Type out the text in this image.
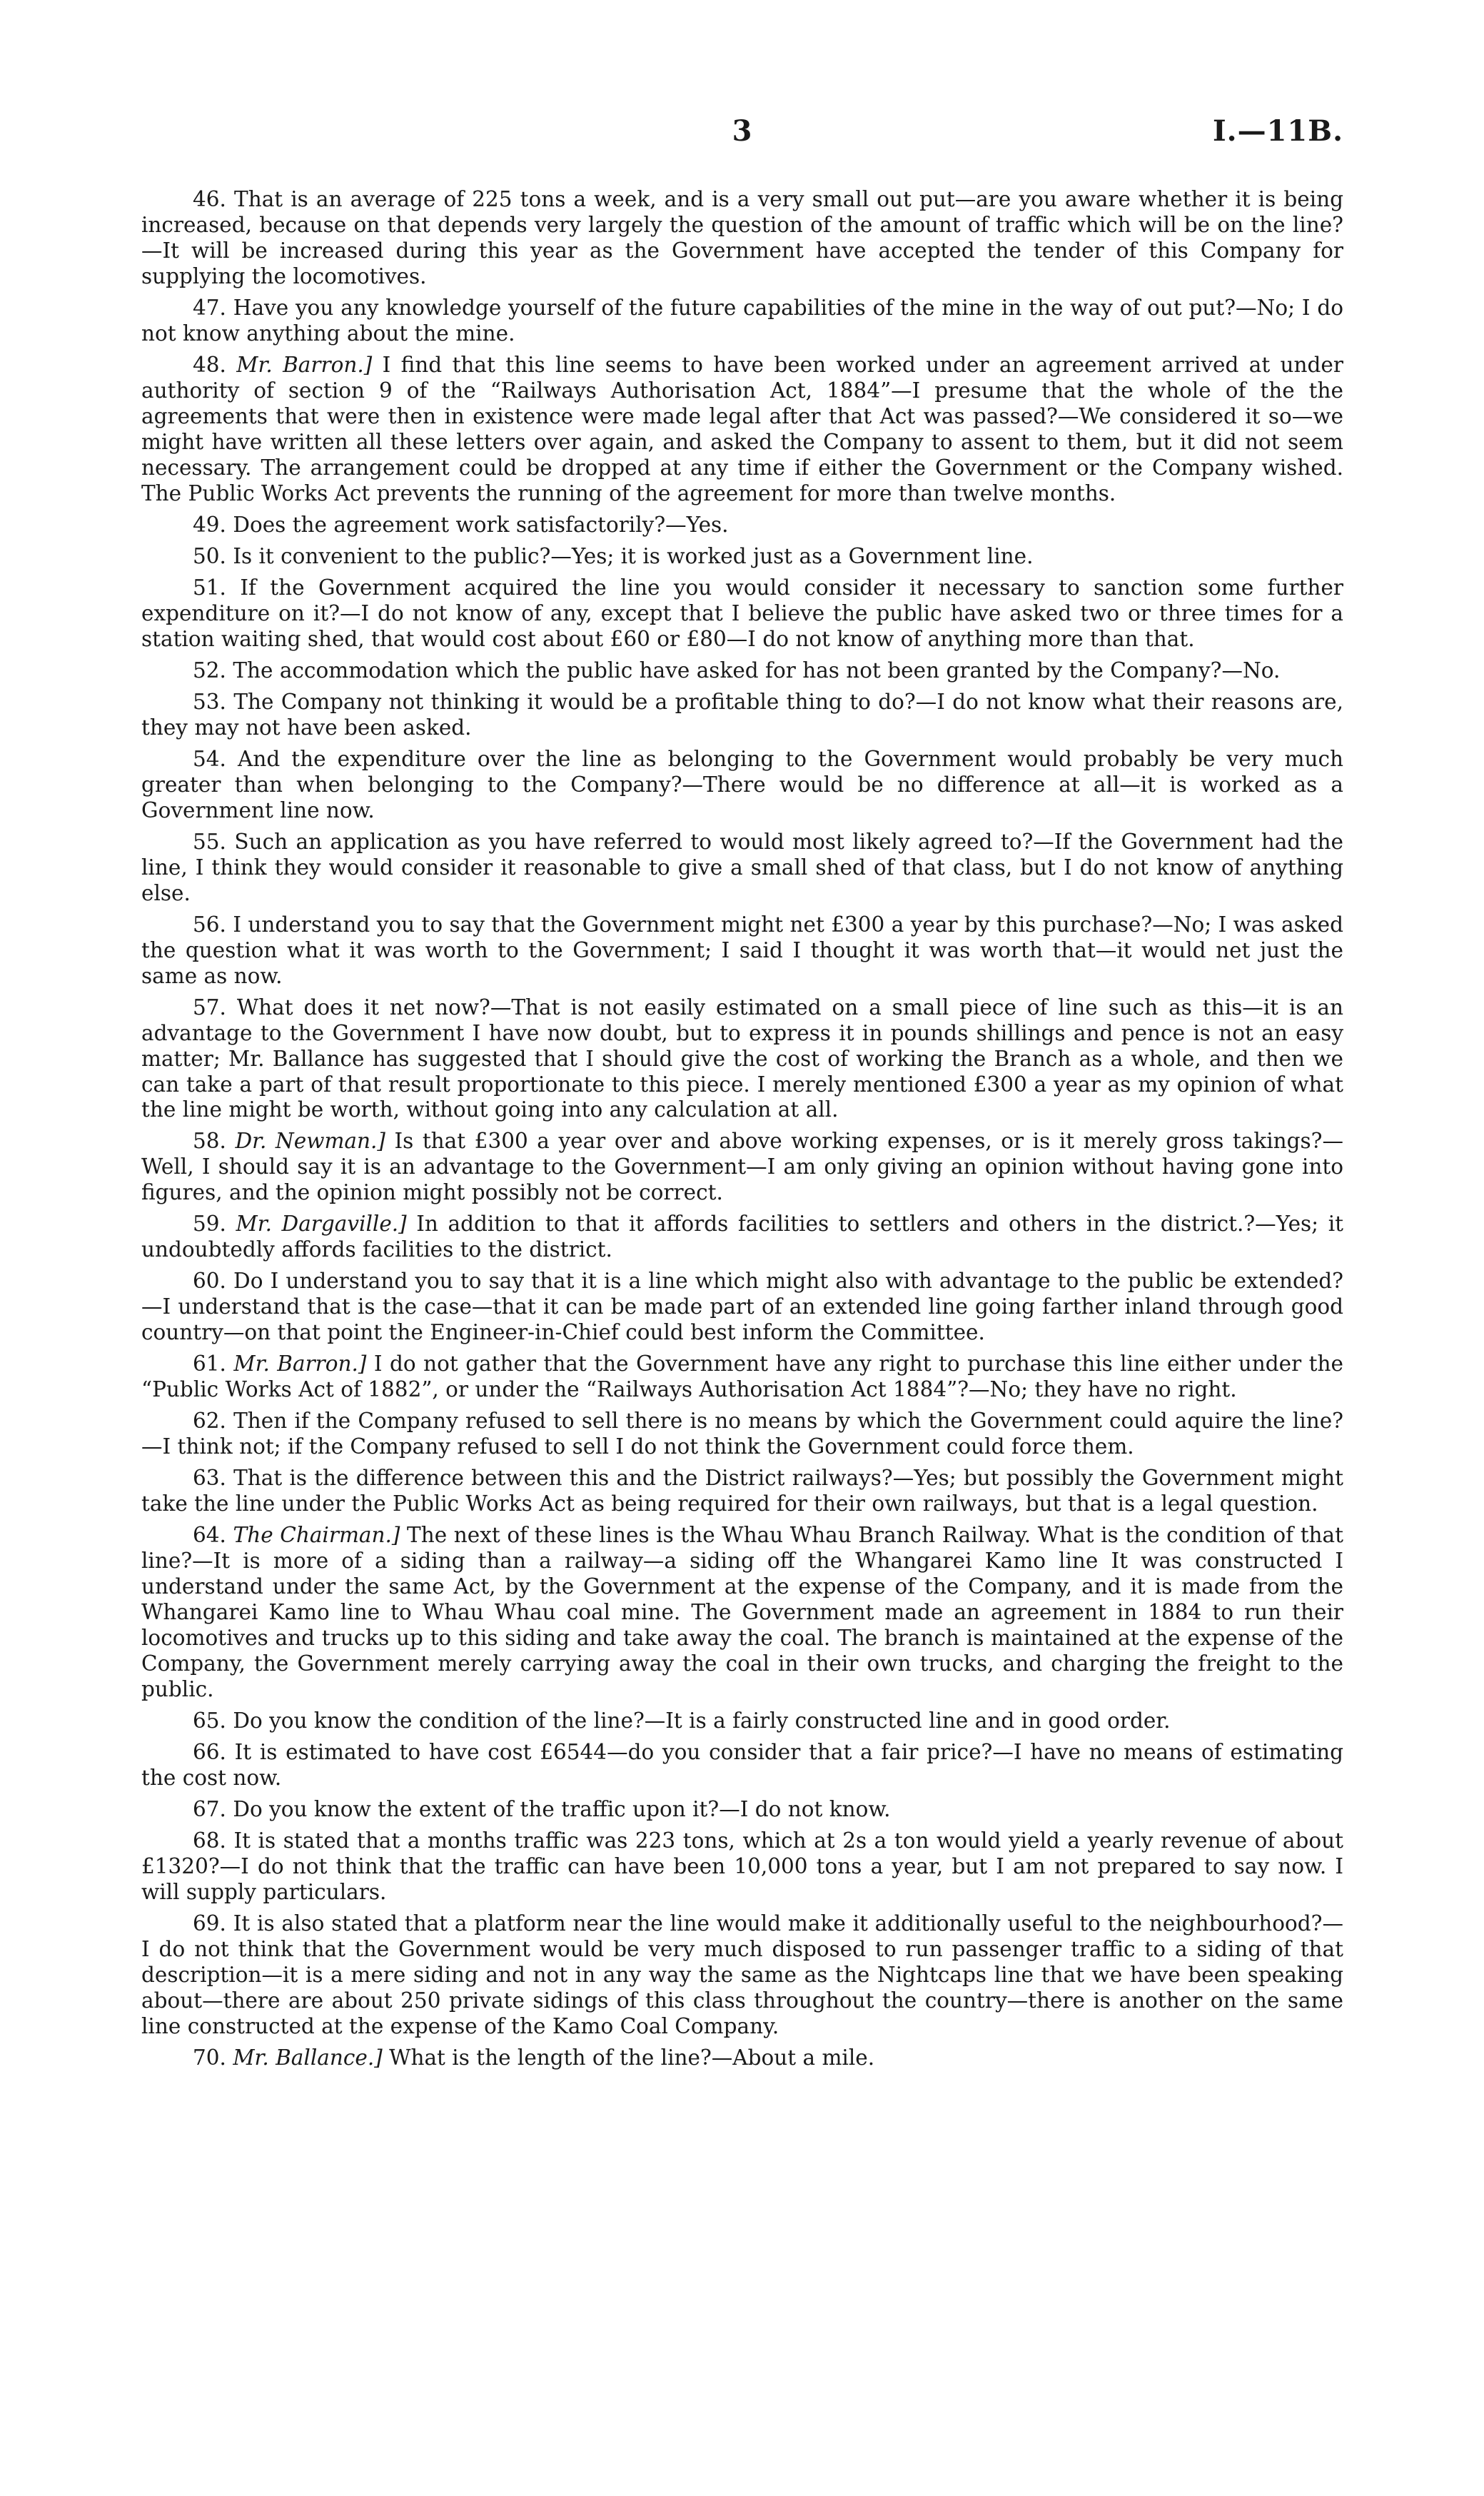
3	I.—11B.

46. That is an average of 225 tons a week, and is a very small out put—are you aware whether it is being increased, because on that depends very largely the question of the amount of traffic which will be on the line?—It will be increased during this year as the Government have accepted the tender of this Company for supplying the locomotives.

47. Have you any knowledge yourself of the future capabilities of the mine in the way of out put?—No; I do not know anything about the mine.

48. Mr. Barron.] I find that this line seems to have been worked under an agreement arrived at under authority of section 9 of the “Railways Authorisation Act, 1884”—I presume that the whole of the the agreements that were then in existence were made legal after that Act was passed?—We considered it so—we might have written all these letters over again, and asked the Company to assent to them, but it did not seem necessary. The arrangement could be dropped at any time if either the Government or the Company wished. The Public Works Act prevents the running of the agreement for more than twelve months.

49. Does the agreement work satisfactorily?—Yes.

50. Is it convenient to the public?—Yes; it is worked just as a Government line.

51. If the Government acquired the line you would consider it necessary to sanction some further expenditure on it?—I do not know of any, except that I believe the public have asked two or three times for a station waiting shed, that would cost about £60 or £80—I do not know of anything more than that.

52. The accommodation which the public have asked for has not been granted by the Company?—No.

53. The Company not thinking it would be a profitable thing to do?—I do not know what their reasons are, they may not have been asked.

54. And the expenditure over the line as belonging to the Government would probably be very much greater than when belonging to the Company?—There would be no difference at all—it is worked as a Government line now.

55. Such an application as you have referred to would most likely agreed to?—If the Government had the line, I think they would consider it reasonable to give a small shed of that class, but I do not know of anything else.

56. I understand you to say that the Government might net £300 a year by this purchase?—No; I was asked the question what it was worth to the Government; I said I thought it was worth that—it would net just the same as now.

57. What does it net now?—That is not easily estimated on a small piece of line such as this—it is an advantage to the Government I have now doubt, but to express it in pounds shillings and pence is not an easy matter; Mr. Ballance has suggested that I should give the cost of working the Branch as a whole, and then we can take a part of that result proportionate to this piece. I merely mentioned £300 a year as my opinion of what the line might be worth, without going into any calculation at all.

58. Dr. Newman.] Is that £300 a year over and above working expenses, or is it merely gross takings?—Well, I should say it is an advantage to the Government—I am only giving an opinion without having gone into figures, and the opinion might possibly not be correct.

59. Mr. Dargaville.] In addition to that it affords facilities to settlers and others in the district.?—Yes; it undoubtedly affords facilities to the district.

60. Do I understand you to say that it is a line which might also with advantage to the public be extended?—I understand that is the case—that it can be made part of an extended line going farther inland through good country—on that point the Engineer-in-Chief could best inform the Committee.

61. Mr. Barron.] I do not gather that the Government have any right to purchase this line either under the “Public Works Act of 1882”, or under the “Railways Authorisation Act 1884”?—No; they have no right.

62. Then if the Company refused to sell there is no means by which the Government could aquire the line?—I think not; if the Company refused to sell I do not think the Government could force them.

63. That is the difference between this and the District railways?—Yes; but possibly the Government might take the line under the Public Works Act as being required for their own railways, but that is a legal question.

64. The Chairman.] The next of these lines is the Whau Whau Branch Railway. What is the condition of that line?—It is more of a siding than a railway—a siding off the Whangarei Kamo line It was constructed I understand under the same Act, by the Government at the expense of the Company, and it is made from the Whangarei Kamo line to Whau Whau coal mine. The Government made an agreement in 1884 to run their locomotives and trucks up to this siding and take away the coal. The branch is maintained at the expense of the Company, the Government merely carrying away the coal in their own trucks, and charging the freight to the public.

65. Do you know the condition of the line?—It is a fairly constructed line and in good order.

66. It is estimated to have cost £6544—do you consider that a fair price?—I have no means of estimating the cost now.

67. Do you know the extent of the traffic upon it?—I do not know.

68. It is stated that a months traffic was 223 tons, which at 2s a ton would yield a yearly revenue of about £1320?—I do not think that the traffic can have been 10,000 tons a year, but I am not prepared to say now. I will supply particulars.

69. It is also stated that a platform near the line would make it additionally useful to the neighbourhood?—I do not think that the Government would be very much disposed to run passenger traffic to a siding of that description—it is a mere siding and not in any way the same as the Nightcaps line that we have been speaking about—there are about 250 private sidings of this class throughout the country—there is another on the same line constructed at the expense of the Kamo Coal Company.

70. Mr. Ballance.] What is the length of the line?—About a mile.
